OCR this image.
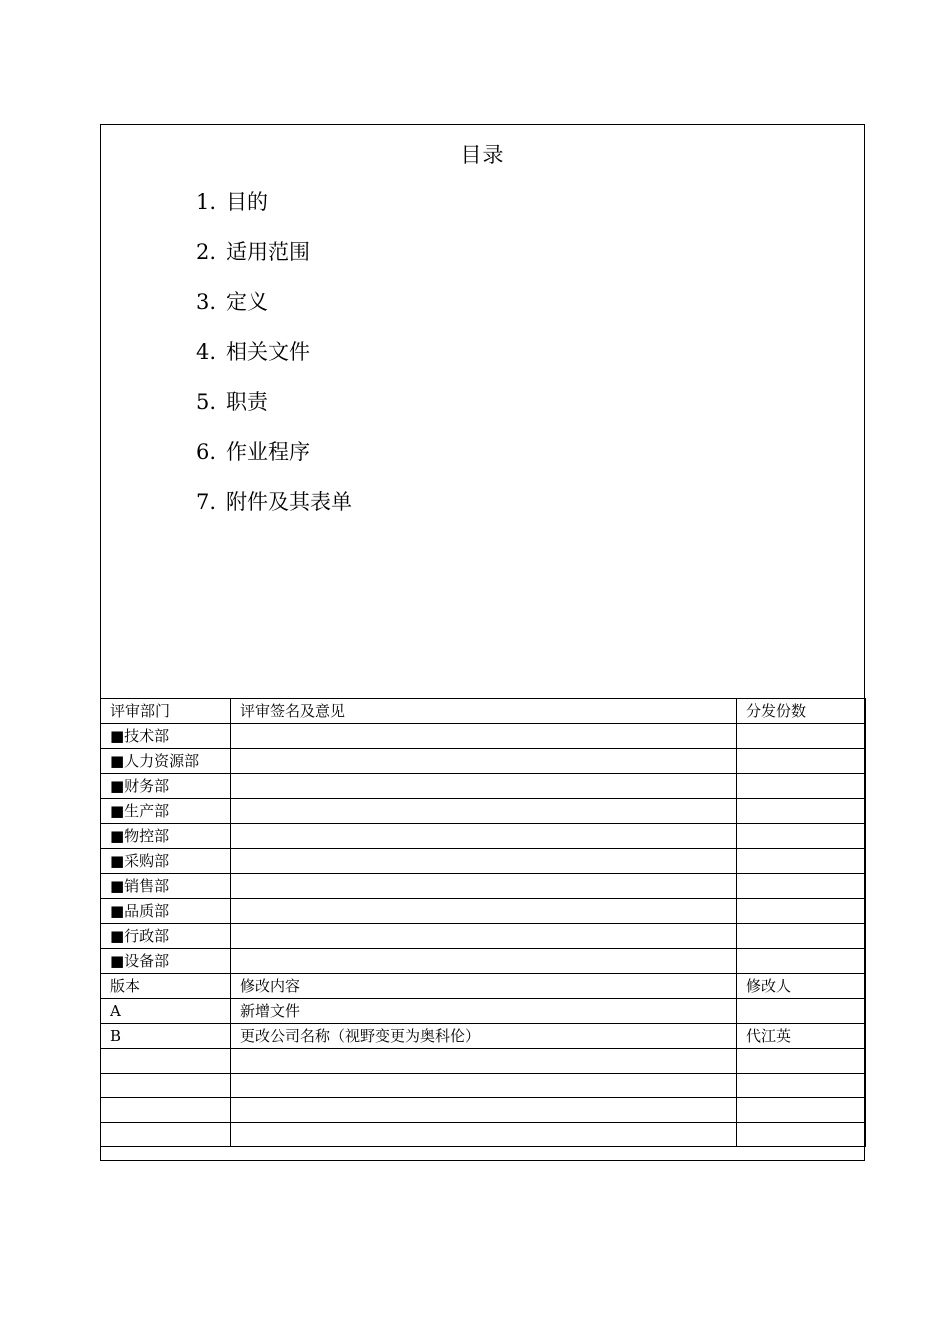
目录
1. 目的
2. 适用范围
3. 定义
4. 相关文件
5. 职责
6. 作业程序
7. 附件及其表单
评审部门	评审签名及意见	分发份数
■技术部		
■人力资源部		
■财务部		
■生产部		
■物控部		
■采购部		
■销售部		
■品质部		
■行政部		
■设备部		
版本	修改内容	修改人
A	新增文件	
B	更改公司名称（视野变更为奥科伦）	代江英
